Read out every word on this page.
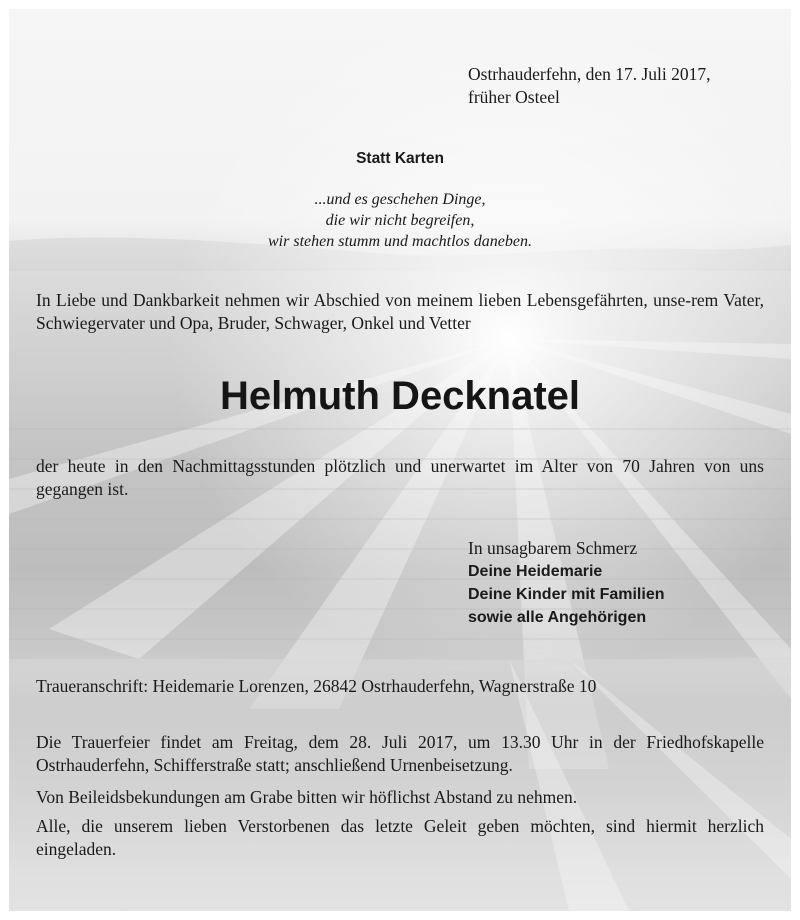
Ostrhauderfehn, den 17. Juli 2017,
früher Osteel
Statt Karten
...und es geschehen Dinge,
die wir nicht begreifen,
wir stehen stumm und machtlos daneben.
In Liebe und Dankbarkeit nehmen wir Abschied von meinem lieben Lebensgefährten, unse-rem Vater, Schwiegervater und Opa, Bruder, Schwager, Onkel und Vetter
Helmuth Decknatel
der heute in den Nachmittagsstunden plötzlich und unerwartet im Alter von 70 Jahren von uns gegangen ist.
In unsagbarem Schmerz
Deine Heidemarie
Deine Kinder mit Familien
sowie alle Angehörigen
Traueranschrift: Heidemarie Lorenzen, 26842 Ostrhauderfehn, Wagnerstraße 10
Die Trauerfeier findet am Freitag, dem 28. Juli 2017, um 13.30 Uhr in der Friedhofskapelle Ostrhauderfehn, Schifferstraße statt; anschließend Urnenbeisetzung.
Von Beileidsbekundungen am Grabe bitten wir höflichst Abstand zu nehmen.
Alle, die unserem lieben Verstorbenen das letzte Geleit geben möchten, sind hiermit herzlich eingeladen.
